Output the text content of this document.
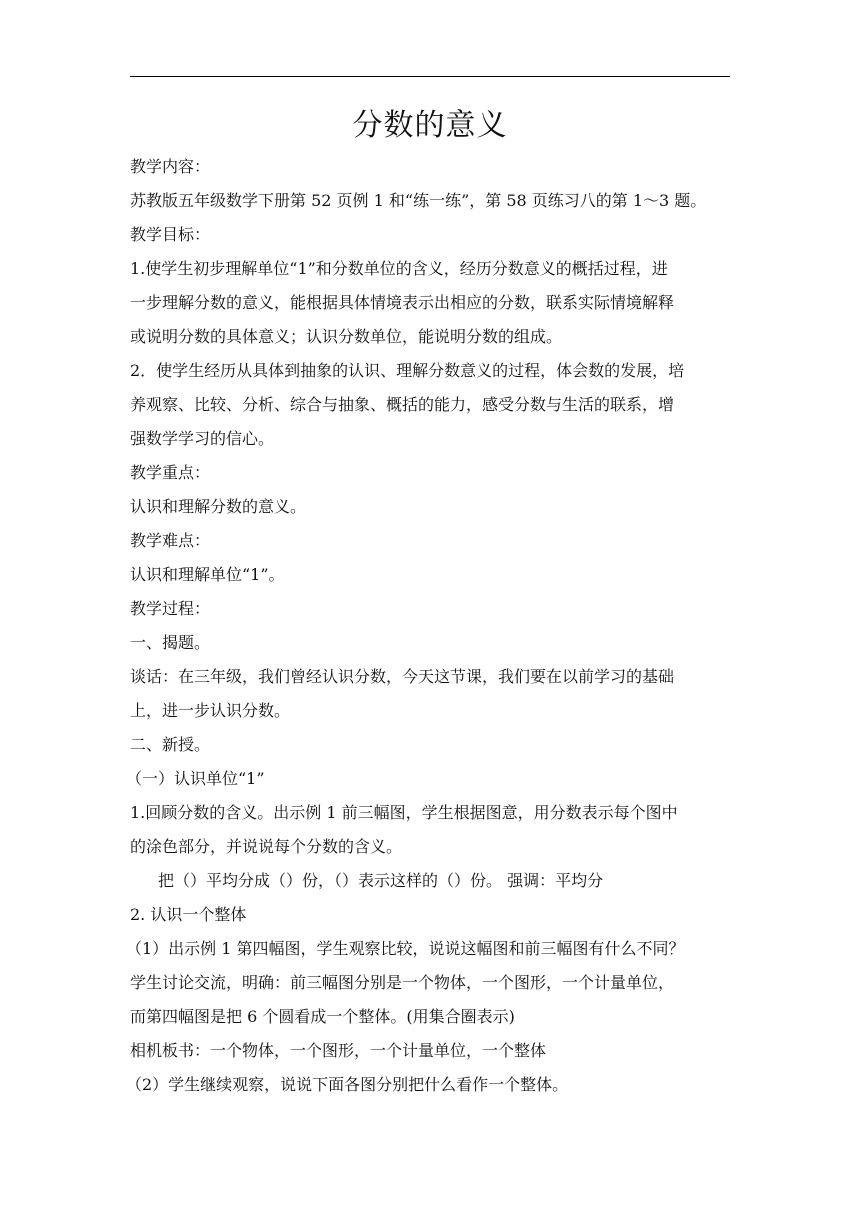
分数的意义
教学内容：
苏教版五年级数学下册第 52 页例 1 和“练一练”，第 58 页练习八的第 1～3 题。
教学目标：
1.使学生初步理解单位“1”和分数单位的含义，经历分数意义的概括过程，进
一步理解分数的意义，能根据具体情境表示出相应的分数，联系实际情境解释
或说明分数的具体意义；认识分数单位，能说明分数的组成。
2．使学生经历从具体到抽象的认识、理解分数意义的过程，体会数的发展，培
养观察、比较、分析、综合与抽象、概括的能力，感受分数与生活的联系，增
强数学学习的信心。
教学重点：
认识和理解分数的意义。
教学难点：
认识和理解单位“1”。
教学过程：
一、揭题。
谈话：在三年级，我们曾经认识分数，今天这节课，我们要在以前学习的基础
上，进一步认识分数。
二、新授。
（一）认识单位“1”
1.回顾分数的含义。出示例 1 前三幅图，学生根据图意，用分数表示每个图中
的涂色部分，并说说每个分数的含义。
把（）平均分成（）份，（）表示这样的（）份。 强调：平均分
2. 认识一个整体
（1）出示例 1 第四幅图，学生观察比较，说说这幅图和前三幅图有什么不同？
学生讨论交流，明确：前三幅图分别是一个物体，一个图形，一个计量单位，
而第四幅图是把 6 个圆看成一个整体。(用集合圈表示)
相机板书：一个物体，一个图形，一个计量单位，一个整体
（2）学生继续观察，说说下面各图分别把什么看作一个整体。
